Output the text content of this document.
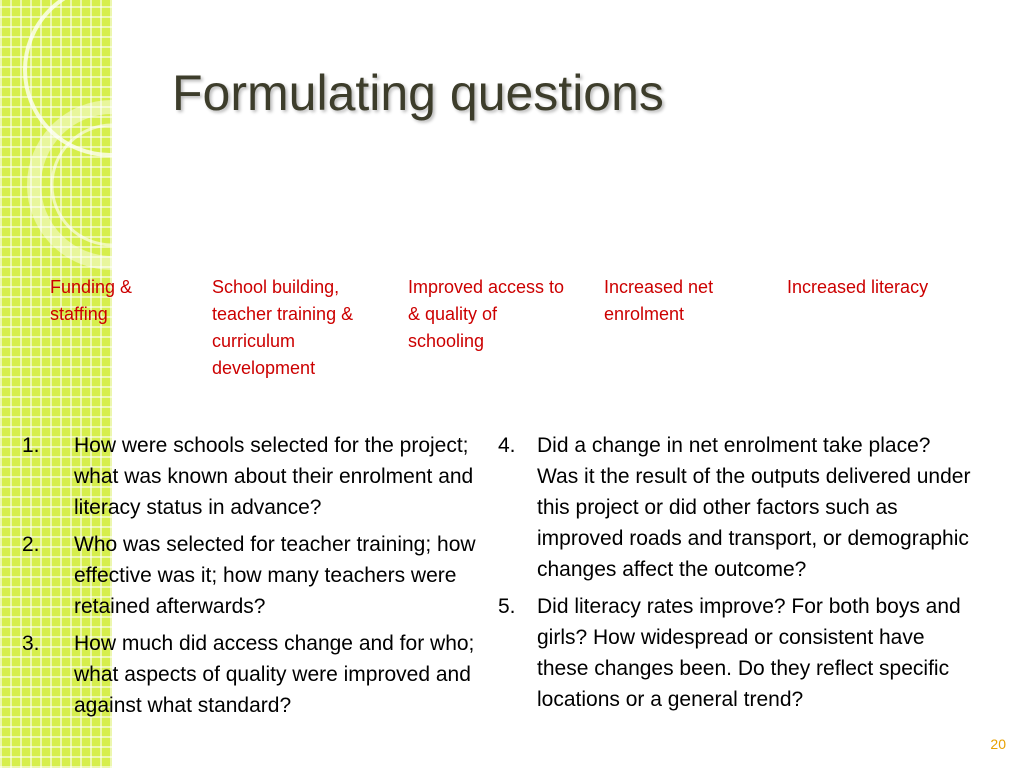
Formulating questions

Funding & staffing

School building, teacher training & curriculum development

Improved access to & quality of schooling

Increased net enrolment

Increased literacy

1.	How were schools selected for the project; what was known about their enrolment and literacy status in advance?
2.	Who was selected for teacher training; how effective was it; how many teachers were retained afterwards?
3.	How much did access change and for who; what aspects of quality were improved and against what standard?
4.	Did a change in net enrolment take place? Was it the result of the outputs delivered under this project or did other factors such as improved roads and transport, or demographic changes affect the outcome?
5.	Did literacy rates improve? For both boys and girls? How widespread or consistent have these changes been. Do they reflect specific locations or a general trend?
20
